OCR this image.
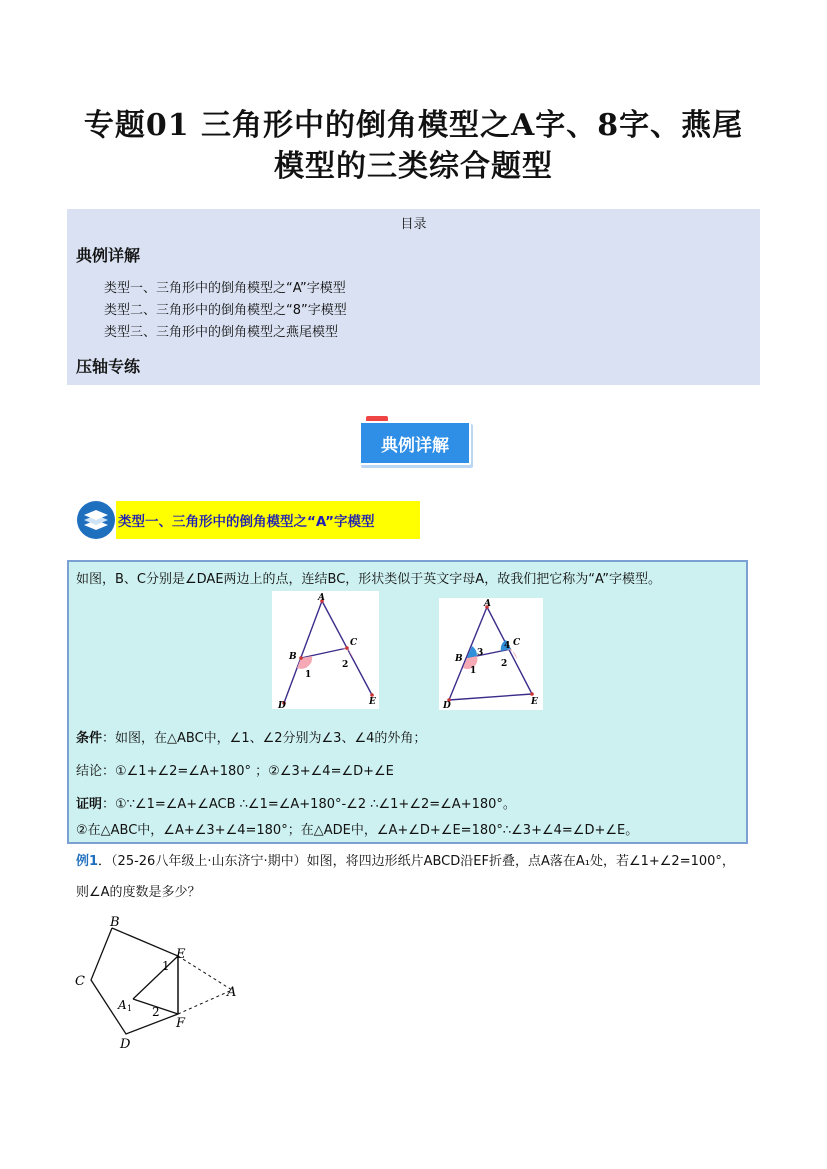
专题01 三角形中的倒角模型之A字、8字、燕尾
模型的三类综合题型
目录
典例详解
类型一、三角形中的倒角模型之“A”字模型
类型二、三角形中的倒角模型之“8”字模型
类型三、三角形中的倒角模型之燕尾模型
压轴专练
典例详解
类型一、三角形中的倒角模型之“A”字模型
如图，B、C分别是∠DAE两边上的点，连结BC，形状类似于英文字母A，故我们把它称为“A”字模型。
A
B
C
D	E
1
2
A
B
C
D	E
3
4
1
2
条件：如图，在△ABC中，∠1、∠2分别为∠3、∠4的外角；
结论：①∠1+∠2=∠A+180° ；②∠3+∠4=∠D+∠E
证明：①∵∠1=∠A+∠ACB ∴∠1=∠A+180°-∠2 ∴∠1+∠2=∠A+180°。
②在△ABC中，∠A+∠3+∠4=180°；在△ADE中，∠A+∠D+∠E=180°∴∠3+∠4=∠D+∠E。
例1．（25-26八年级上·山东济宁·期中）如图，将四边形纸片ABCD沿EF折叠，点A落在A₁处，若∠1+∠2=100°，
则∠A的度数是多少？
B
C
D
E
F
A
A 1
1
2
